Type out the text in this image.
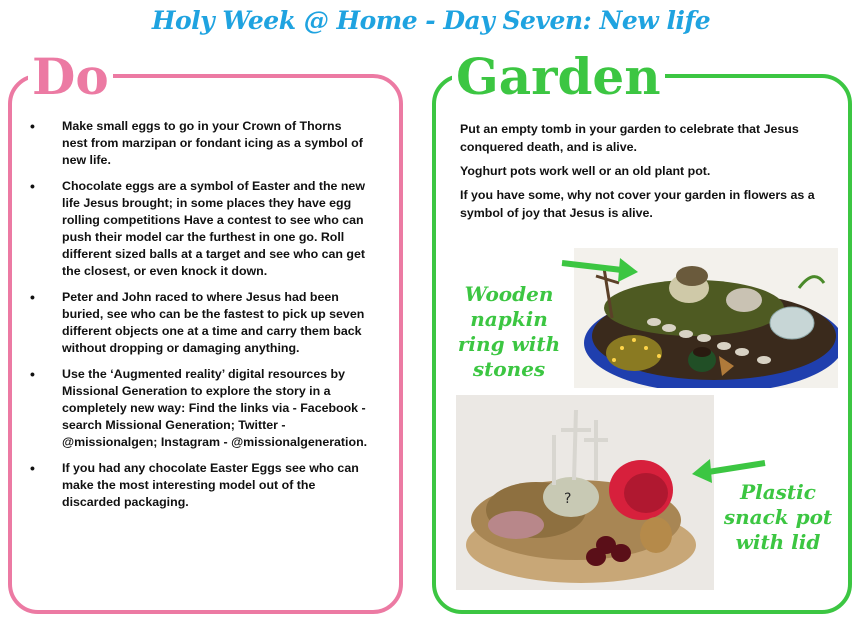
Holy Week @ Home - Day Seven: New life
Do
• Make small eggs to go in your Crown of Thorns nest from marzipan or fondant icing as a symbol of new life.
• Chocolate eggs are a symbol of Easter and the new life Jesus brought; in some places they have egg rolling competitions Have a contest to see who can push their model car the furthest in one go. Roll different sized balls at a target and see who can get the closest, or even knock it down.
• Peter and John raced to where Jesus had been buried, see who can be the fastest to pick up seven different objects one at a time and carry them back without dropping or damaging anything.
• Use the ‘Augmented reality’ digital resources by Missional Generation to explore the story in a completely new way: Find the links via - Facebook - search Missional Generation; Twitter - @missionalgen; Instagram - @missionalgeneration.
• If you had any chocolate Easter Eggs see who can make the most interesting model out of the discarded packaging.
Garden

Put an empty tomb in your garden to celebrate that Jesus conquered death, and is alive.

Yoghurt pots work well or an old plant pot.

If you have some, why not cover your garden in flowers as a symbol of joy that Jesus is alive.

?
Wooden napkin
ring with
stones
Plastic
snack pot
with lid
